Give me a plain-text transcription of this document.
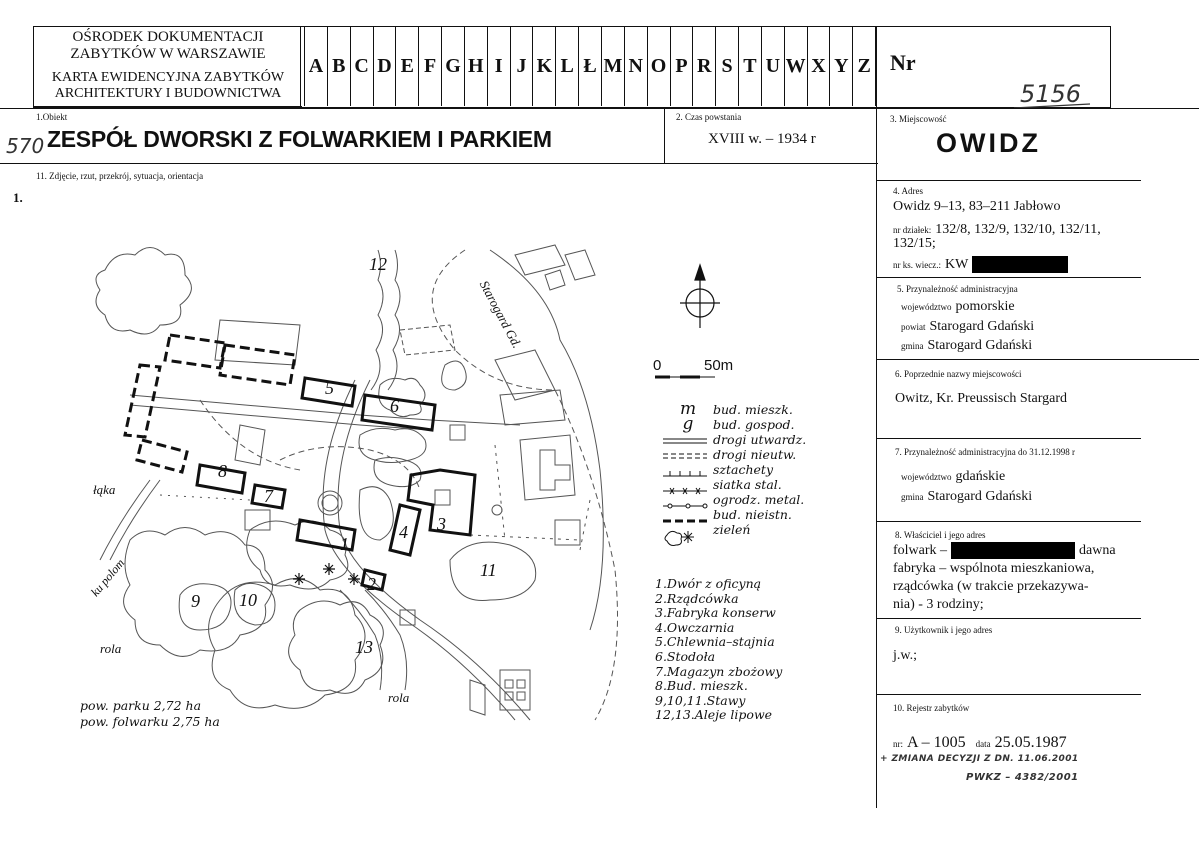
OŚRODEK DOKUMENTACJI
ZABYTKÓW W WARSZAWIE
KARTA EWIDENCYJNA ZABYTKÓW
ARCHITEKTURY I BUDOWNICTWA
A B C D E F G H I J K L Ł M N O P R S T U W X Y Z Nr
5156
1.Obiekt
570 ZESPÓŁ DWORSKI Z FOLWARKIEM I PARKIEM
2. Czas powstania
XVIII w. – 1934 r
3. Miejscowość
OWIDZ
11. Zdjęcie, rzut, przekrój, sytuacja, orientacja
1.	4. Adres
Owidz 9–13, 83–211 Jabłowo
nr działek: 132/8, 132/9, 132/10, 132/11,
132/15;
nr ks. wiecz.: KW
5. Przynależność administracyjna
województwo pomorskie
powiat Starogard Gdański
gmina Starogard Gdański
6. Poprzednie nazwy miejscowości
Owitz, Kr. Preussisch Stargard
7. Przynależność administracyjna do 31.12.1998 r
województwo gdańskie
gmina Starogard Gdański
8. Właściciel i jego adres
folwark –	dawna
fabryka – wspólnota mieszkaniowa,
rządcówka (w trakcie przekazywa-
nia) - 3 rodziny;
9. Użytkownik i jego adres
j.w.;
10. Rejestr zabytków
nr: A – 1005 data 25.05.1987
+ ZMIANA DECYZJI Z DN. 11.06.2001
PWKZ – 4382/2001
0	50m
Starogard Gd.
łąka
rola
rola
ku polom
1
2
3
4
5
6
7
8
9 10
11
12
13
m	bud. mieszk.
g	bud. gospod.
drogi utwardz.
drogi nieutw.
sztachety
siatka stal.
ogrodz. metal.
bud. nieistn.
zieleń
1.Dwór z oficyną
2.Rządcówka
3.Fabryka konserw
4.Owczarnia
5.Chlewnia–stajnia
6.Stodoła
7.Magazyn zbożowy
8.Bud. mieszk.
9,10,11.Stawy
12,13.Aleje lipowe
pow. parku 2,72 ha
pow. folwarku 2,75 ha
